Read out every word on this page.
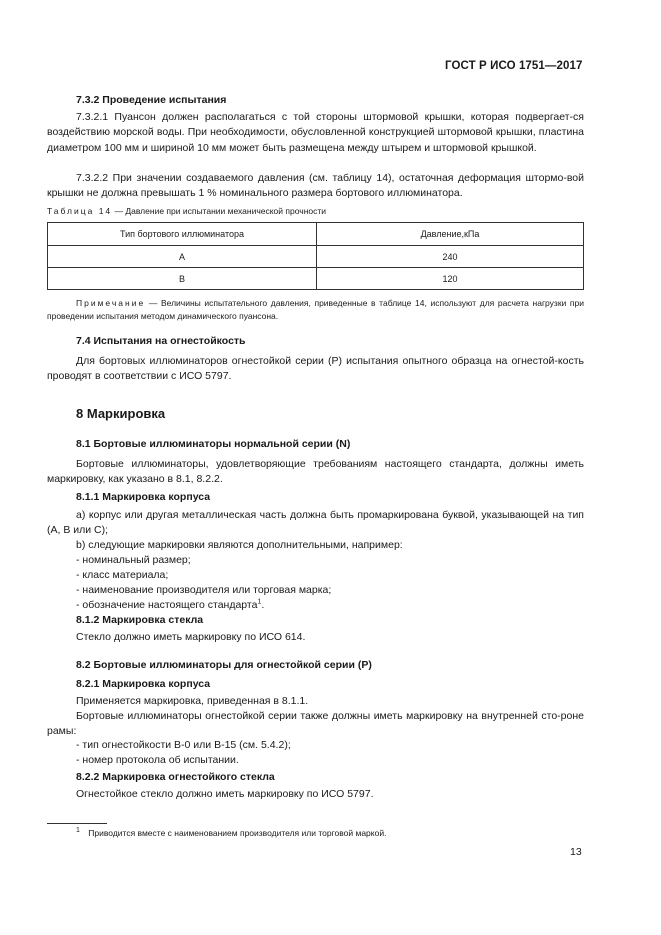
ГОСТ Р ИСО 1751—2017
7.3.2 Проведение испытания
7.3.2.1 Пуансон должен располагаться с той стороны штормовой крышки, которая подвергает-ся воздействию морской воды. При необходимости, обусловленной конструкцией штормовой крышки, пластина диаметром 100 мм и шириной 10 мм может быть размещена между штырем и штормовой крышкой.
7.3.2.2 При значении создаваемого давления (см. таблицу 14), остаточная деформация штормо-вой крышки не должна превышать 1 % номинального размера бортового иллюминатора.
Таблица 14 — Давление при испытании механической прочности
Тип бортового иллюминатора	Давление,кПа
A	240
B	120
Примечание — Величины испытательного давления, приведенные в таблице 14, используют для расчета нагрузки при проведении испытания методом динамического пуансона.
7.4 Испытания на огнестойкость
Для бортовых иллюминаторов огнестойкой серии (P) испытания опытного образца на огнестой-кость проводят в соответствии с ИСО 5797.
8 Маркировка
8.1 Бортовые иллюминаторы нормальной серии (N)
Бортовые иллюминаторы, удовлетворяющие требованиям настоящего стандарта, должны иметь маркировку, как указано в 8.1, 8.2.2.
8.1.1 Маркировка корпуса
a) корпус или другая металлическая часть должна быть промаркирована буквой, указывающей на тип (A, B или C);
b) следующие маркировки являются дополнительными, например:
- номинальный размер;
- класс материала;
- наименование производителя или торговая марка;
- обозначение настоящего стандарта$^1$.
8.1.2 Маркировка стекла
Стекло должно иметь маркировку по ИСО 614.
8.2 Бортовые иллюминаторы для огнестойкой серии (P)
8.2.1 Маркировка корпуса
Применяется маркировка, приведенная в 8.1.1.
Бортовые иллюминаторы огнестойкой серии также должны иметь маркировку на внутренней сто-роне рамы:
- тип огнестойкости B-0 или B-15 (см. 5.4.2);
- номер протокола об испытании.
8.2.2 Маркировка огнестойкого стекла
Огнестойкое стекло должно иметь маркировку по ИСО 5797.
$^1$ Приводится вместе с наименованием производителя или торговой маркой.
13
